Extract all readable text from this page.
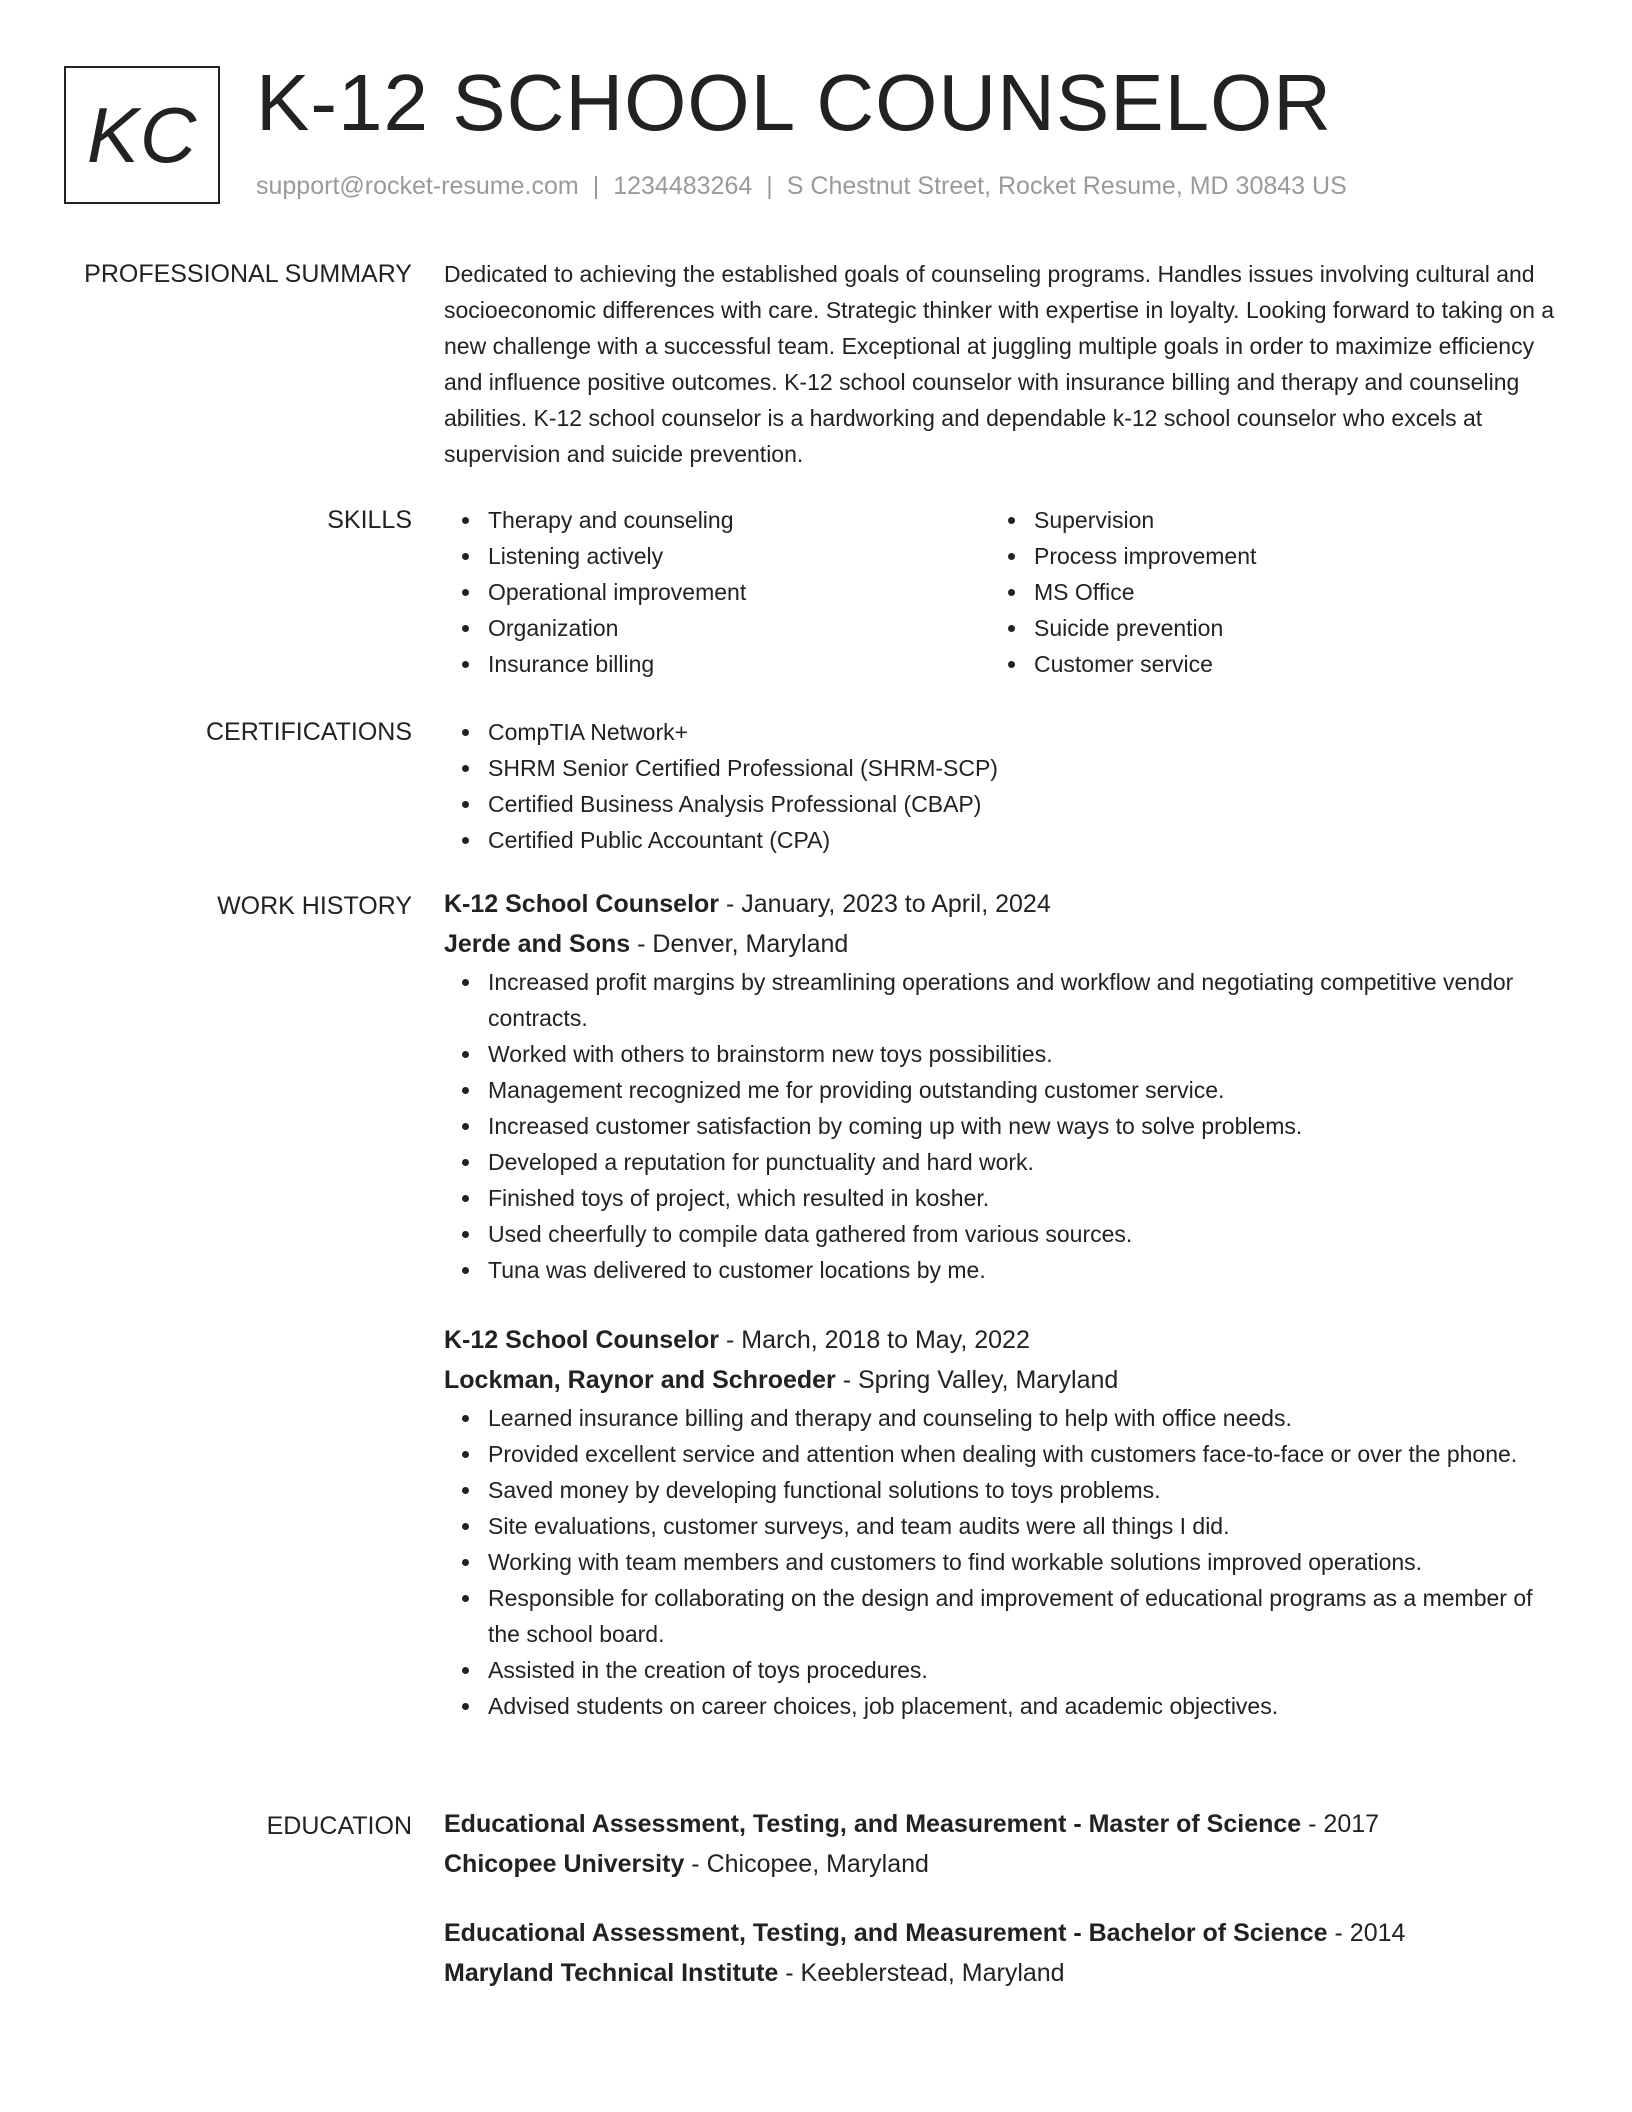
KC K-12 SCHOOL COUNSELOR
support@rocket-resume.com | 1234483264 | S Chestnut Street, Rocket Resume, MD 30843 US
PROFESSIONAL SUMMARY Dedicated to achieving the established goals of counseling programs. Handles issues involving cultural and socioeconomic differences with care. Strategic thinker with expertise in loyalty. Looking forward to taking on a new challenge with a successful team. Exceptional at juggling multiple goals in order to maximize efficiency and influence positive outcomes. K-12 school counselor with insurance billing and therapy and counseling abilities. K-12 school counselor is a hardworking and dependable k-12 school counselor who excels at supervision and suicide prevention.

SKILLS	Therapy and counseling
Listening actively
Operational improvement
Organization
Insurance billing
Supervision
Process improvement
MS Office
Suicide prevention
Customer service
CERTIFICATIONS	CompTIA Network+
SHRM Senior Certified Professional (SHRM-SCP)
Certified Business Analysis Professional (CBAP)
Certified Public Accountant (CPA)
WORK HISTORY K-12 School Counselor - January, 2023 to April, 2024
Jerde and Sons - Denver, Maryland
Increased profit margins by streamlining operations and workflow and negotiating competitive vendor contracts.
Worked with others to brainstorm new toys possibilities.
Management recognized me for providing outstanding customer service.
Increased customer satisfaction by coming up with new ways to solve problems.
Developed a reputation for punctuality and hard work.
Finished toys of project, which resulted in kosher.
Used cheerfully to compile data gathered from various sources.
Tuna was delivered to customer locations by me.
K-12 School Counselor - March, 2018 to May, 2022
Lockman, Raynor and Schroeder - Spring Valley, Maryland
Learned insurance billing and therapy and counseling to help with office needs.
Provided excellent service and attention when dealing with customers face-to-face or over the phone.
Saved money by developing functional solutions to toys problems.
Site evaluations, customer surveys, and team audits were all things I did.
Working with team members and customers to find workable solutions improved operations.
Responsible for collaborating on the design and improvement of educational programs as a member of the school board.
Assisted in the creation of toys procedures.
Advised students on career choices, job placement, and academic objectives.
EDUCATION Educational Assessment, Testing, and Measurement - Master of Science - 2017
Chicopee University - Chicopee, Maryland
Educational Assessment, Testing, and Measurement - Bachelor of Science - 2014
Maryland Technical Institute - Keeblerstead, Maryland
